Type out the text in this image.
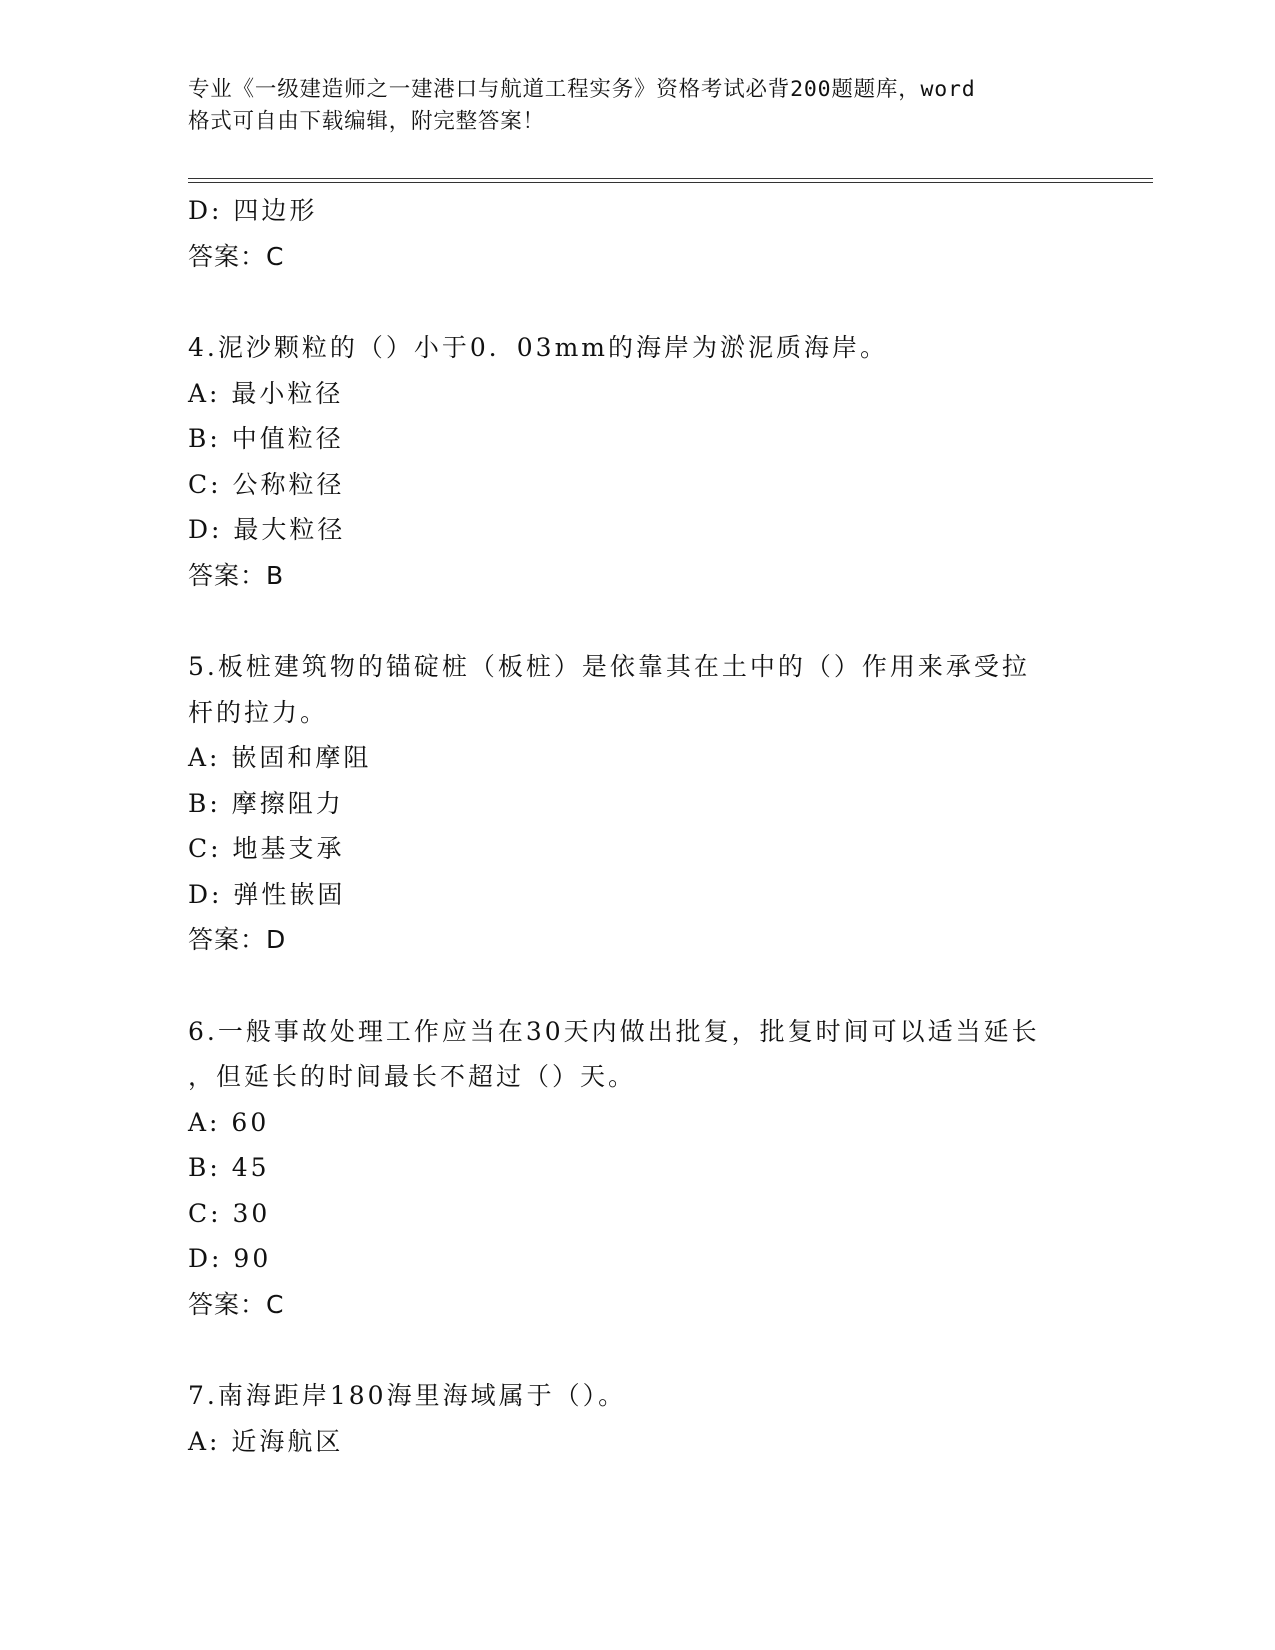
专业《一级建造师之一建港口与航道工程实务》资格考试必背200题题库，word
格式可自由下载编辑，附完整答案！
D: 四边形
答案：C
4.泥沙颗粒的（）小于0．03mm的海岸为淤泥质海岸。
A: 最小粒径
B: 中值粒径
C: 公称粒径
D: 最大粒径
答案：B
5.板桩建筑物的锚碇桩（板桩）是依靠其在土中的（）作用来承受拉
杆的拉力。
A: 嵌固和摩阻
B: 摩擦阻力
C: 地基支承
D: 弹性嵌固
答案：D
6.一般事故处理工作应当在30天内做出批复，批复时间可以适当延长
，但延长的时间最长不超过（）天。
A: 60
B: 45
C: 30
D: 90
答案：C
7.南海距岸180海里海域属于（）。
A: 近海航区
